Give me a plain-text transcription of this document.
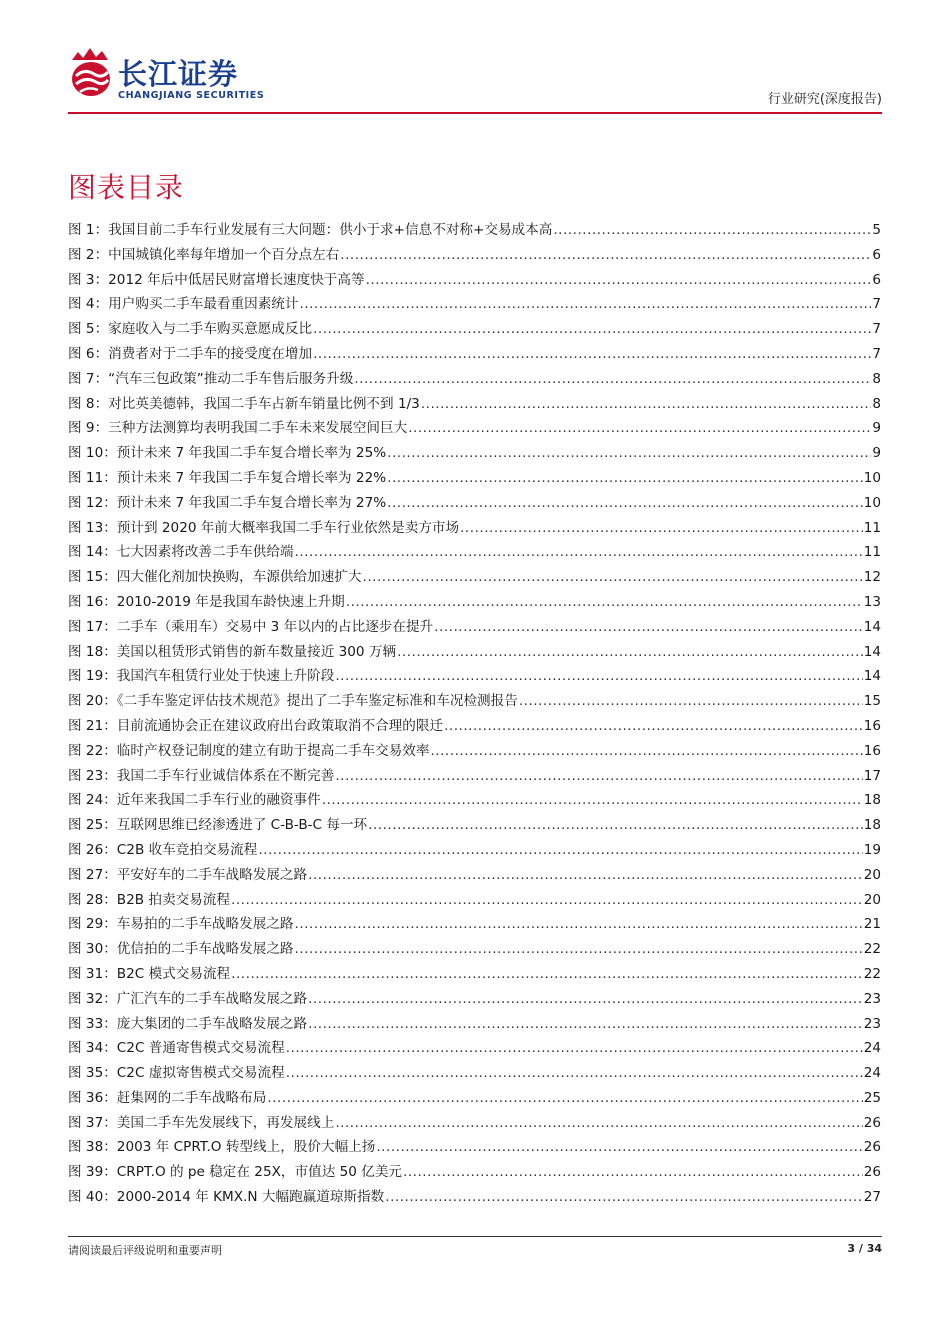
长江证券
CHANGJIANG SECURITIES	行业研究(深度报告)
图表目录
图 1：我国目前二手车行业发展有三大问题：供小于求+信息不对称+交易成本高 .....	5
图 2：中国城镇化率每年增加一个百分点左右 .....	6
图 3：2012 年后中低居民财富增长速度快于高等 .....	6
图 4：用户购买二手车最看重因素统计 .....	7
图 5：家庭收入与二手车购买意愿成反比 .....	7
图 6：消费者对于二手车的接受度在增加 .....	7
图 7：“汽车三包政策”推动二手车售后服务升级 .....	8
图 8：对比英美德韩，我国二手车占新车销量比例不到 1/3 .....	8
图 9：三种方法测算均表明我国二手车未来发展空间巨大 .....	9
图 10：预计未来 7 年我国二手车复合增长率为 25% .....	9
图 11：预计未来 7 年我国二手车复合增长率为 22% .....	10
图 12：预计未来 7 年我国二手车复合增长率为 27% .....	10
图 13：预计到 2020 年前大概率我国二手车行业依然是卖方市场 .....	11
图 14：七大因素将改善二手车供给端 .....	11
图 15：四大催化剂加快换购，车源供给加速扩大 .....	12
图 16：2010-2019 年是我国车龄快速上升期 .....	13
图 17：二手车（乘用车）交易中 3 年以内的占比逐步在提升 .....	14
图 18：美国以租赁形式销售的新车数量接近 300 万辆 .....	14
图 19：我国汽车租赁行业处于快速上升阶段 .....	14
图 20：《二手车鉴定评估技术规范》提出了二手车鉴定标准和车况检测报告 .....	15
图 21：目前流通协会正在建议政府出台政策取消不合理的限迁 .....	16
图 22：临时产权登记制度的建立有助于提高二手车交易效率 .....	16
图 23：我国二手车行业诚信体系在不断完善 .....	17
图 24：近年来我国二手车行业的融资事件 .....	18
图 25：互联网思维已经渗透进了 C-B-B-C 每一环 .....	18
图 26：C2B 收车竞拍交易流程 .....	19
图 27：平安好车的二手车战略发展之路 .....	20
图 28：B2B 拍卖交易流程 .....	20
图 29：车易拍的二手车战略发展之路 .....	21
图 30：优信拍的二手车战略发展之路 .....	22
图 31：B2C 模式交易流程 .....	22
图 32：广汇汽车的二手车战略发展之路 .....	23
图 33：庞大集团的二手车战略发展之路 .....	23
图 34：C2C 普通寄售模式交易流程 .....	24
图 35：C2C 虚拟寄售模式交易流程 .....	24
图 36：赶集网的二手车战略布局 .....	25
图 37：美国二手车先发展线下，再发展线上 .....	26
图 38：2003 年 CPRT.O 转型线上，股价大幅上扬 .....	26
图 39：CRPT.O 的 pe 稳定在 25X，市值达 50 亿美元 .....	26
图 40：2000-2014 年 KMX.N 大幅跑赢道琼斯指数 .....	27
请阅读最后评级说明和重要声明	3 / 34
